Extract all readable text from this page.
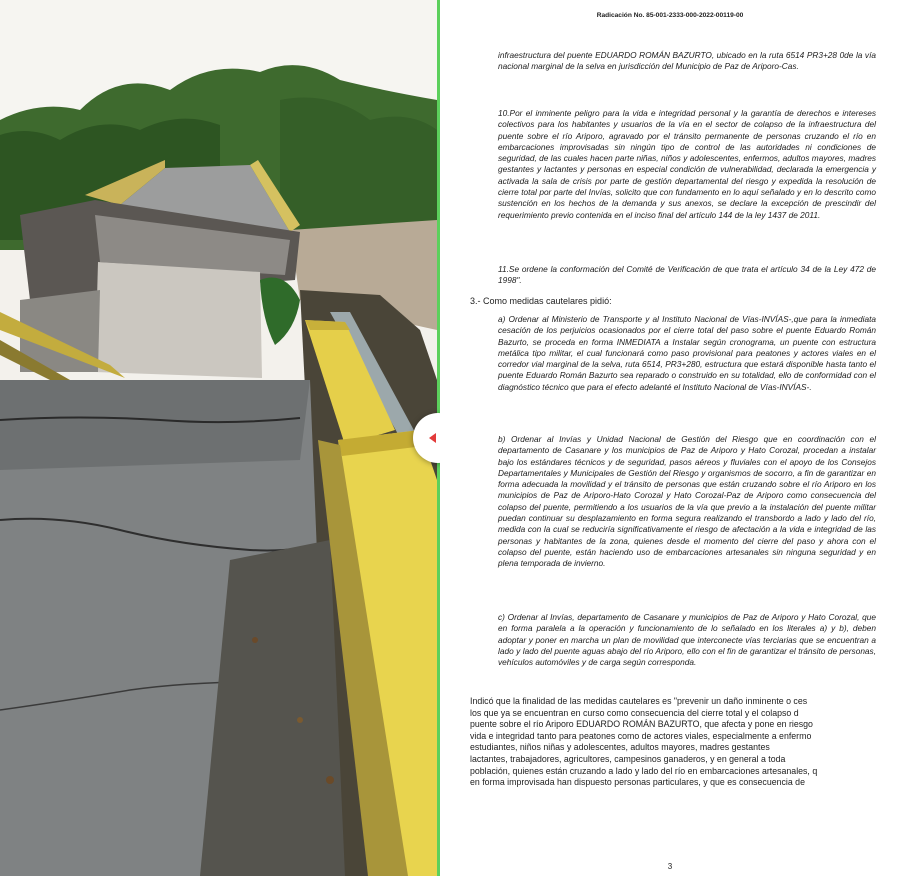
Radicación No. 85-001-2333-000-2022-00119-00
infraestructura del puente EDUARDO ROMÁN BAZURTO, ubicado en la ruta 6514 PR3+28 0de la vía nacional marginal de la selva en jurisdicción del Municipio de Paz de Ariporo-Cas.
10.Por el inminente peligro para la vida e integridad personal y la garantía de derechos e intereses colectivos para los habitantes y usuarios de la vía en el sector de colapso de la infraestructura del puente sobre el río Ariporo, agravado por el tránsito permanente de personas cruzando el río en embarcaciones improvisadas sin ningún tipo de control de las autoridades ni condiciones de seguridad, de las cuales hacen parte niñas, niños y adolescentes, enfermos, adultos mayores, madres gestantes y lactantes y personas en especial condición de vulnerabilidad, declarada la emergencia y activada la sala de crisis por parte de gestión departamental del riesgo y expedida la resolución de cierre total por parte del Invías, solicito que con fundamento en lo aquí señalado y en lo descrito como sustención en los hechos de la demanda y sus anexos, se declare la excepción de prescindir del requerimiento previo contenida en el inciso final del artículo 144 de la ley 1437 de 2011.
11.Se ordene la conformación del Comité de Verificación de que trata el artículo 34 de la Ley 472 de 1998".
3.- Como medidas cautelares pidió:
a) Ordenar al Ministerio de Transporte y al Instituto Nacional de Vías-INVÍAS-,que para la inmediata cesación de los perjuicios ocasionados por el cierre total del paso sobre el puente Eduardo Román Bazurto, se proceda en forma INMEDIATA a Instalar según cronograma, un puente con estructura metálica tipo militar, el cual funcionará como paso provisional para peatones y actores viales en el corredor vial marginal de la selva, ruta 6514, PR3+280, estructura que estará disponible hasta tanto el puente Eduardo Román Bazurto sea reparado o construido en su totalidad, ello de conformidad con el diagnóstico técnico que para el efecto adelanté el Instituto Nacional de Vías-INVÍAS-.
b) Ordenar al Invías y Unidad Nacional de Gestión del Riesgo que en coordinación con el departamento de Casanare y los municipios de Paz de Ariporo y Hato Corozal, procedan a instalar bajo los estándares técnicos y de seguridad, pasos aéreos y fluviales con el apoyo de los Consejos Departamentales y Municipales de Gestión del Riesgo y organismos de socorro, a fin de garantizar en forma adecuada la movilidad y el tránsito de personas que están cruzando sobre el río Ariporo en los municipios de Paz de Ariporo-Hato Corozal y Hato Corozal-Paz de Ariporo como consecuencia del colapso del puente, permitiendo a los usuarios de la vía que previo a la instalación del puente militar puedan continuar su desplazamiento en forma segura realizando el transbordo a lado y lado del río, medida con la cual se reduciría significativamente el riesgo de afectación a la vida e integridad de las personas y habitantes de la zona, quienes desde el momento del cierre del paso y ahora con el colapso del puente, están haciendo uso de embarcaciones artesanales sin ninguna seguridad y en plena temporada de invierno.
c) Ordenar al Invías, departamento de Casanare y municipios de Paz de Ariporo y Hato Corozal, que en forma paralela a la operación y funcionamiento de lo señalado en los literales a) y b), deben adoptar y poner en marcha un plan de movilidad que interconecte vías terciarias que se encuentran a lado y lado del puente aguas abajo del río Ariporo, ello con el fin de garantizar el tránsito de personas, vehículos automóviles y de carga según corresponda.
Indicó que la finalidad de las medidas cautelares es "prevenir un daño inminente o ces
los que ya se encuentran en curso como consecuencia del cierre total y el colapso d
puente sobre el río Ariporo EDUARDO ROMÁN BAZURTO, que afecta y pone en riesgo
vida e integridad tanto para peatones como de actores viales, especialmente a enfermo
estudiantes, niños niñas y adolescentes, adultos mayores, madres gestantes
lactantes, trabajadores, agricultores, campesinos ganaderos, y en general a toda
población, quienes están cruzando a lado y lado del río en embarcaciones artesanales, q
en forma improvisada han dispuesto personas particulares, y que es consecuencia de
3
